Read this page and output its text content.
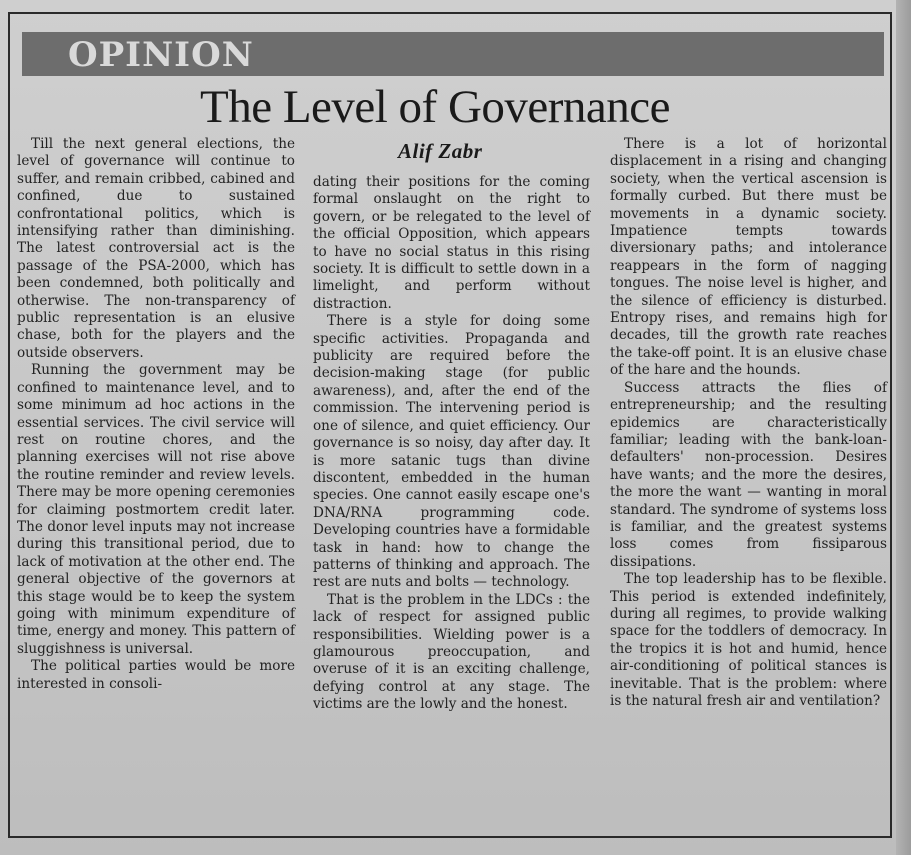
OPINION
The Level of Governance
Alif Zabr

Till the next general elections, the level of governance will continue to suffer, and remain cribbed, cabined and confined, due to sustained confrontational politics, which is intensifying rather than diminishing. The latest controversial act is the passage of the PSA-2000, which has been condemned, both politically and otherwise. The non-transparency of public representation is an elusive chase, both for the players and the outside observers.

Running the government may be confined to maintenance level, and to some minimum ad hoc actions in the essential services. The civil service will rest on routine chores, and the planning exercises will not rise above the routine reminder and review levels. There may be more opening ceremonies for claiming postmortem credit later. The donor level inputs may not increase during this transitional period, due to lack of motivation at the other end. The general objective of the governors at this stage would be to keep the system going with minimum expenditure of time, energy and money. This pattern of sluggishness is universal.

The political parties would be more interested in consoli-

dating their positions for the coming formal onslaught on the right to govern, or be relegated to the level of the official Opposition, which appears to have no social status in this rising society. It is difficult to settle down in a limelight, and perform without distraction.

There is a style for doing some specific activities. Propaganda and publicity are required before the decision-making stage (for public awareness), and, after the end of the commission. The intervening period is one of silence, and quiet efficiency. Our governance is so noisy, day after day. It is more satanic tugs than divine discontent, embedded in the human species. One cannot easily escape one's DNA/RNA programming code. Developing countries have a formidable task in hand: how to change the patterns of thinking and approach. The rest are nuts and bolts — technology.

That is the problem in the LDCs : the lack of respect for assigned public responsibilities. Wielding power is a glamourous preoccupation, and overuse of it is an exciting challenge, defying control at any stage. The victims are the lowly and the honest.

There is a lot of horizontal displacement in a rising and changing society, when the vertical ascension is formally curbed. But there must be movements in a dynamic society. Impatience tempts towards diversionary paths; and intolerance reappears in the form of nagging tongues. The noise level is higher, and the silence of efficiency is disturbed. Entropy rises, and remains high for decades, till the growth rate reaches the take-off point. It is an elusive chase of the hare and the hounds.

Success attracts the flies of entrepreneurship; and the resulting epidemics are characteristically familiar; leading with the bank-loan-defaulters' non-procession. Desires have wants; and the more the desires, the more the want — wanting in moral standard. The syndrome of systems loss is familiar, and the greatest systems loss comes from fissiparous dissipations.

The top leadership has to be flexible. This period is extended indefinitely, during all regimes, to provide walking space for the toddlers of democracy. In the tropics it is hot and humid, hence air-conditioning of political stances is inevitable. That is the problem: where is the natural fresh air and ventilation?
